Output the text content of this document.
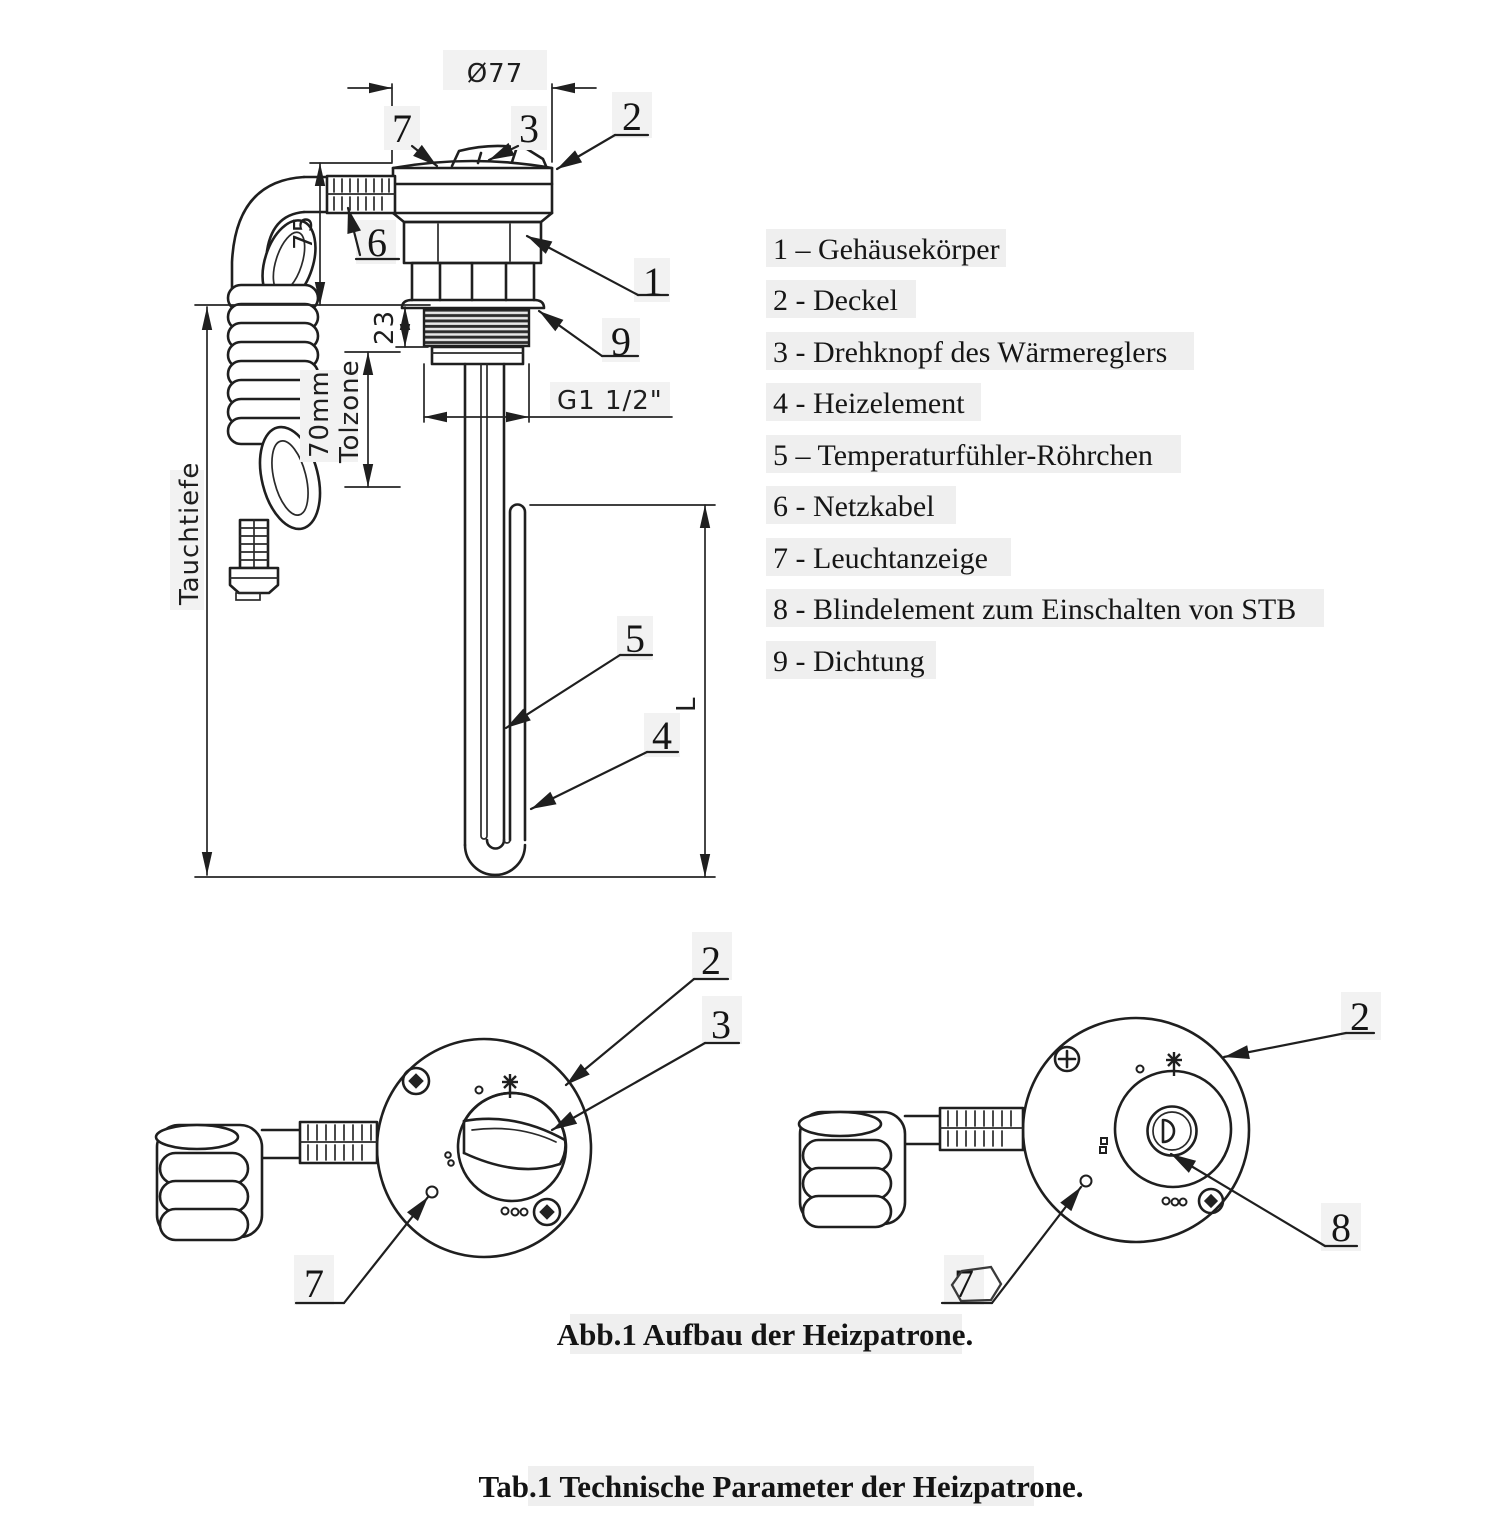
Ø77
75
Tauchtiefe
23
70mm Tolzone	G1 1/2"
L
7	3 2
6
1
9
5
4
1 – Gehäusekörper
2 - Deckel
3 - Drehknopf des Wärmereglers
4 - Heizelement
5 – Temperaturfühler-Röhrchen
6 - Netzkabel
7 - Leuchtanzeige
8 - Blindelement zum Einschalten von STB
9 - Dichtung
2
3
7
2
8
7
Abb.1 Aufbau der Heizpatrone.
Tab.1 Technische Parameter der Heizpatrone.
